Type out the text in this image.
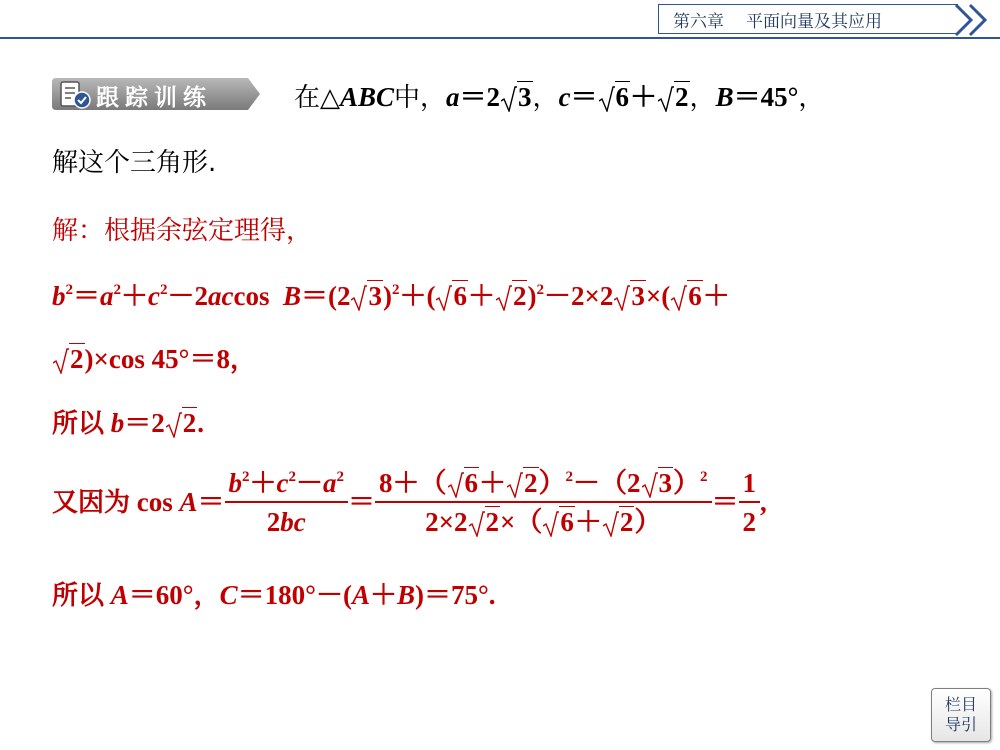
第六章 平面向量及其应用
跟踪训练	在△ABC中，a＝2 3，c＝ 6＋ 2，B＝45°，
解这个三角形.
解：根据余弦定理得，
$b^2=a^2+c^2-2accos$ B＝(2 3)$^2$＋( 6＋ 2)$^2$－2×2 3×( 6＋
2)×cos 45°＝8，
所以 b＝2 2.
又因为
cos
$A = \frac{b^2+c^2-a^2}{2bc} = \frac{8+( 6+ 2)^2-(2 3)^2}{2\times 2 2\times( 6+ 2)} = \frac{1}{2}$ ,
所以 A＝60°，C＝180°－(A＋B)＝75°.
栏目
导引
